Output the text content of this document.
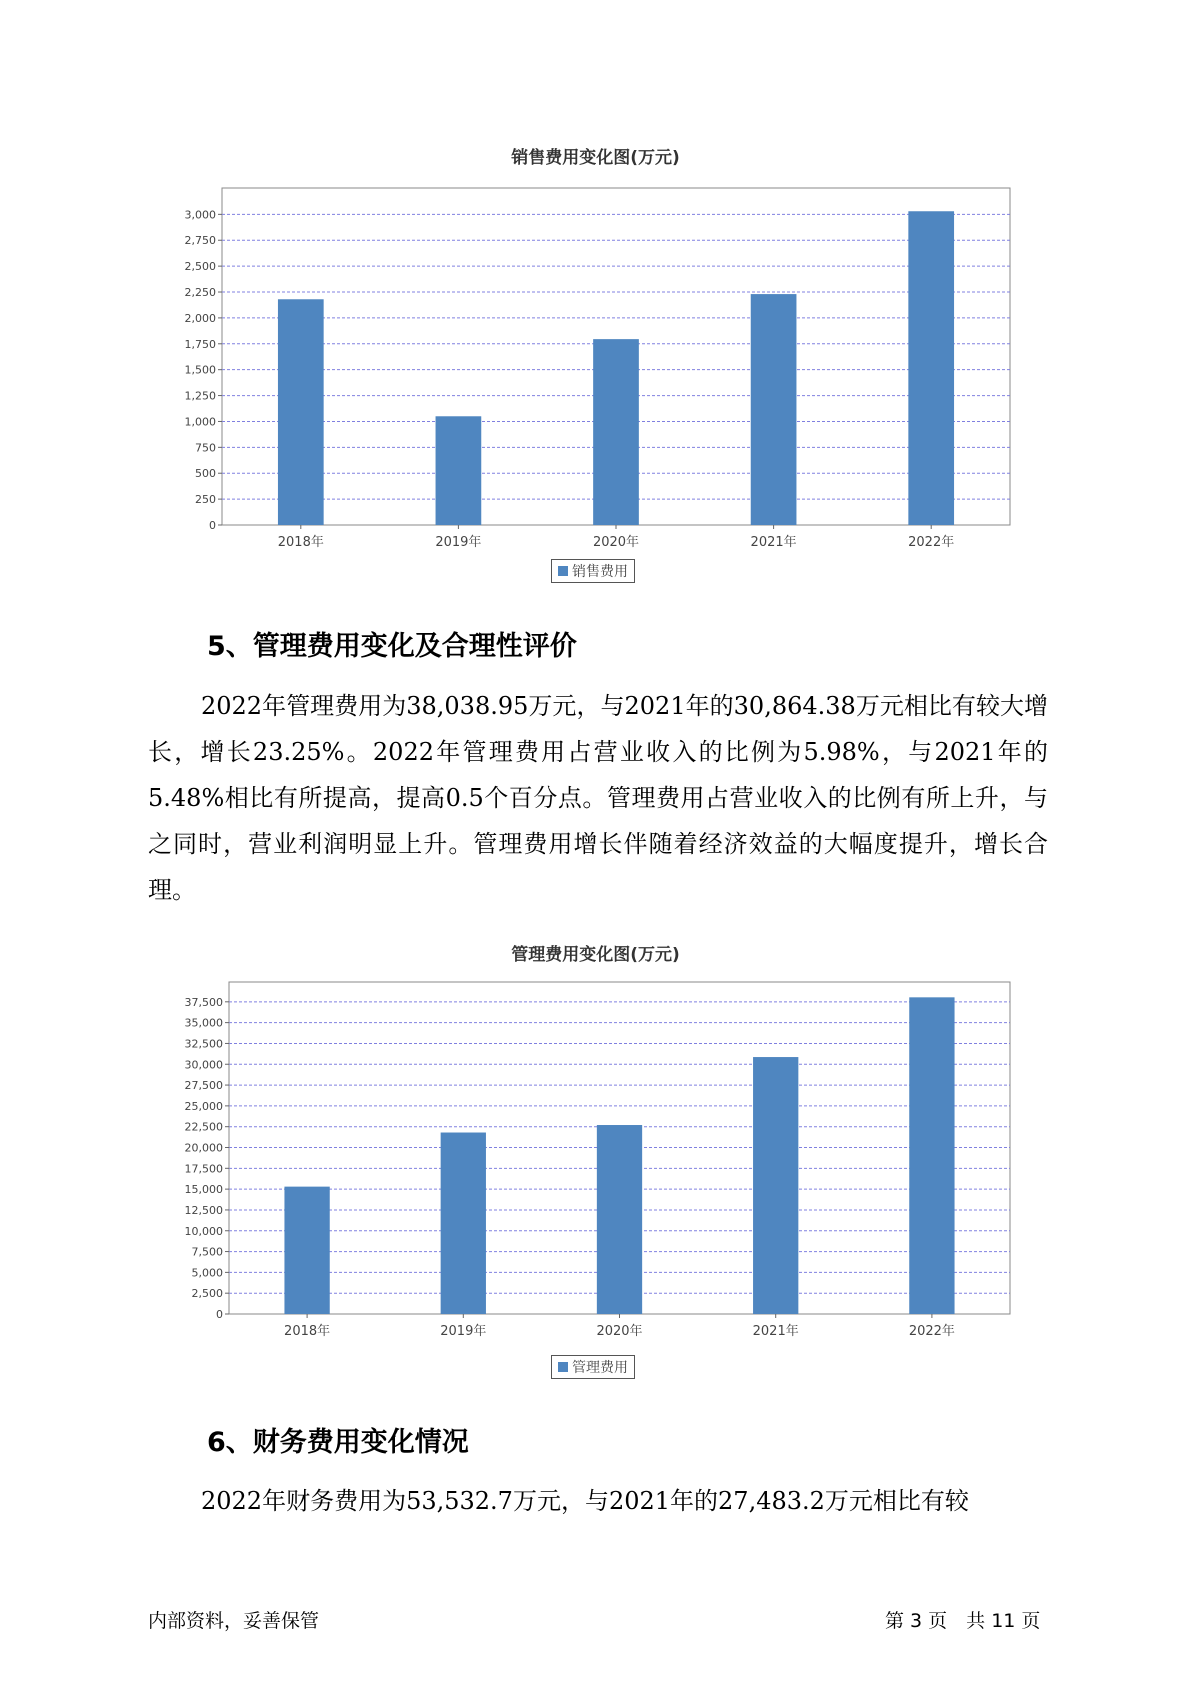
销售费用变化图(万元)
0
250
500
750
1,000
1,250
1,500
1,750
2,000
2,250
2,500
2,750
3,000
2018年	2019年	2020年	2021年	2022年
销售费用
5、管理费用变化及合理性评价
2022年管理费用为38,038.95万元，与2021年的30,864.38万元相比有较大增长，增长23.25%。2022年管理费用占营业收入的比例为5.98%，与2021年的5.48%相比有所提高，提高0.5个百分点。管理费用占营业收入的比例有所上升，与之同时，营业利润明显上升。管理费用增长伴随着经济效益的大幅度提升，增长合理。
管理费用变化图(万元)
0
2,500
5,000
7,500
10,000
12,500
15,000
17,500
20,000
22,500
25,000
27,500
30,000
32,500
35,000
37,500
2018年	2019年	2020年	2021年	2022年
管理费用
6、财务费用变化情况
2022年财务费用为53,532.7万元，与2021年的27,483.2万元相比有较
内部资料，妥善保管	第 3 页　共 11 页
